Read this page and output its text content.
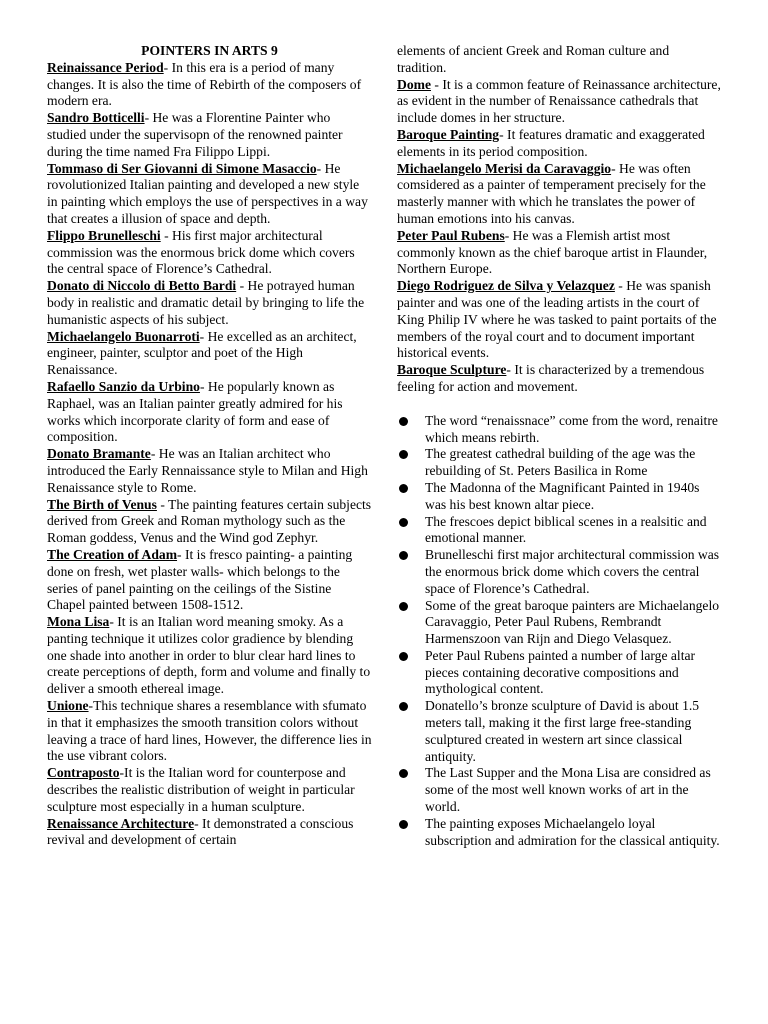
POINTERS IN ARTS 9

Reinaissance Period- In this era is a period of many changes. It is also the time of Rebirth of the composers of modern era.

Sandro Botticelli- He was a Florentine Painter who studied under the supervisopn of the renowned painter during the time named Fra Filippo Lippi.

Tommaso di Ser Giovanni di Simone Masaccio- He rovolutionized Italian painting and developed a new style in painting which employs the use of perspectives in a way that creates a illusion of space and depth.

Flippo Brunelleschi - His first major architectural commission was the enormous brick dome which covers the central space of Florence’s Cathedral.

Donato di Niccolo di Betto Bardi - He potrayed human body in realistic and dramatic detail by bringing to life the humanistic aspects of his subject.

Michaelangelo Buonarroti- He excelled as an architect, engineer, painter, sculptor and poet of the High Renaissance.

Rafaello Sanzio da Urbino- He popularly known as Raphael, was an Italian painter greatly admired for his works which incorporate clarity of form and ease of composition.

Donato Bramante- He was an Italian architect who introduced the Early Rennaissance style to Milan and High Renaissance style to Rome.

The Birth of Venus - The painting features certain subjects derived from Greek and Roman mythology such as the Roman goddess, Venus and the Wind god Zephyr.

The Creation of Adam- It is fresco painting- a painting done on fresh, wet plaster walls- which belongs to the series of panel painting on the ceilings of the Sistine Chapel painted between 1508-1512.

Mona Lisa- It is an Italian word meaning smoky. As a panting technique it utilizes color gradience by blending one shade into another in order to blur clear hard lines to create perceptions of depth, form and volume and finally to deliver a smooth ethereal image.

Unione-This technique shares a resemblance with sfumato in that it emphasizes the smooth transition colors without leaving a trace of hard lines, However, the difference lies in the use vibrant colors.

Contraposto-It is the Italian word for counterpose and describes the realistic distribution of weight in particular sculpture most especially in a human sculpture.

Renaissance Architecture- It demonstrated a conscious revival and development of certain

elements of ancient Greek and Roman culture and tradition.

Dome - It is a common feature of Reinassance architecture, as evident in the number of Renaissance cathedrals that include domes in her structure.

Baroque Painting- It features dramatic and exaggerated elements in its period composition.

Michaelangelo Merisi da Caravaggio- He was often comsidered as a painter of temperament precisely for the masterly manner with which he translates the power of human emotions into his canvas.

Peter Paul Rubens- He was a Flemish artist most commonly known as the chief baroque artist in Flaunder, Northern Europe.

Diego Rodriguez de Silva y Velazquez - He was spanish painter and was one of the leading artists in the court of King Philip IV where he was tasked to paint portaits of the members of the royal court and to document important historical events.

Baroque Sculpture- It is characterized by a tremendous feeling for action and movement.

The word “renaissnace” come from the word, renaitre which means rebirth.
The greatest cathedral building of the age was the rebuilding of St. Peters Basilica in Rome
The Madonna of the Magnificant Painted in 1940s was his best known altar piece.
The frescoes depict biblical scenes in a realsitic and emotional manner.
Brunelleschi first major architectural commission was the enormous brick dome which covers the central space of Florence’s Cathedral.
Some of the great baroque painters are Michaelangelo Caravaggio, Peter Paul Rubens, Rembrandt Harmenszoon van Rijn and Diego Velasquez.
Peter Paul Rubens painted a number of large altar pieces containing decorative compositions and mythological content.
Donatello’s bronze sculpture of David is about 1.5 meters tall, making it the first large free-standing sculptured created in western art since classical antiquity.
The Last Supper and the Mona Lisa are considred as some of the most well known works of art in the world.
The painting exposes Michaelangelo loyal subscription and admiration for the classical antiquity.
